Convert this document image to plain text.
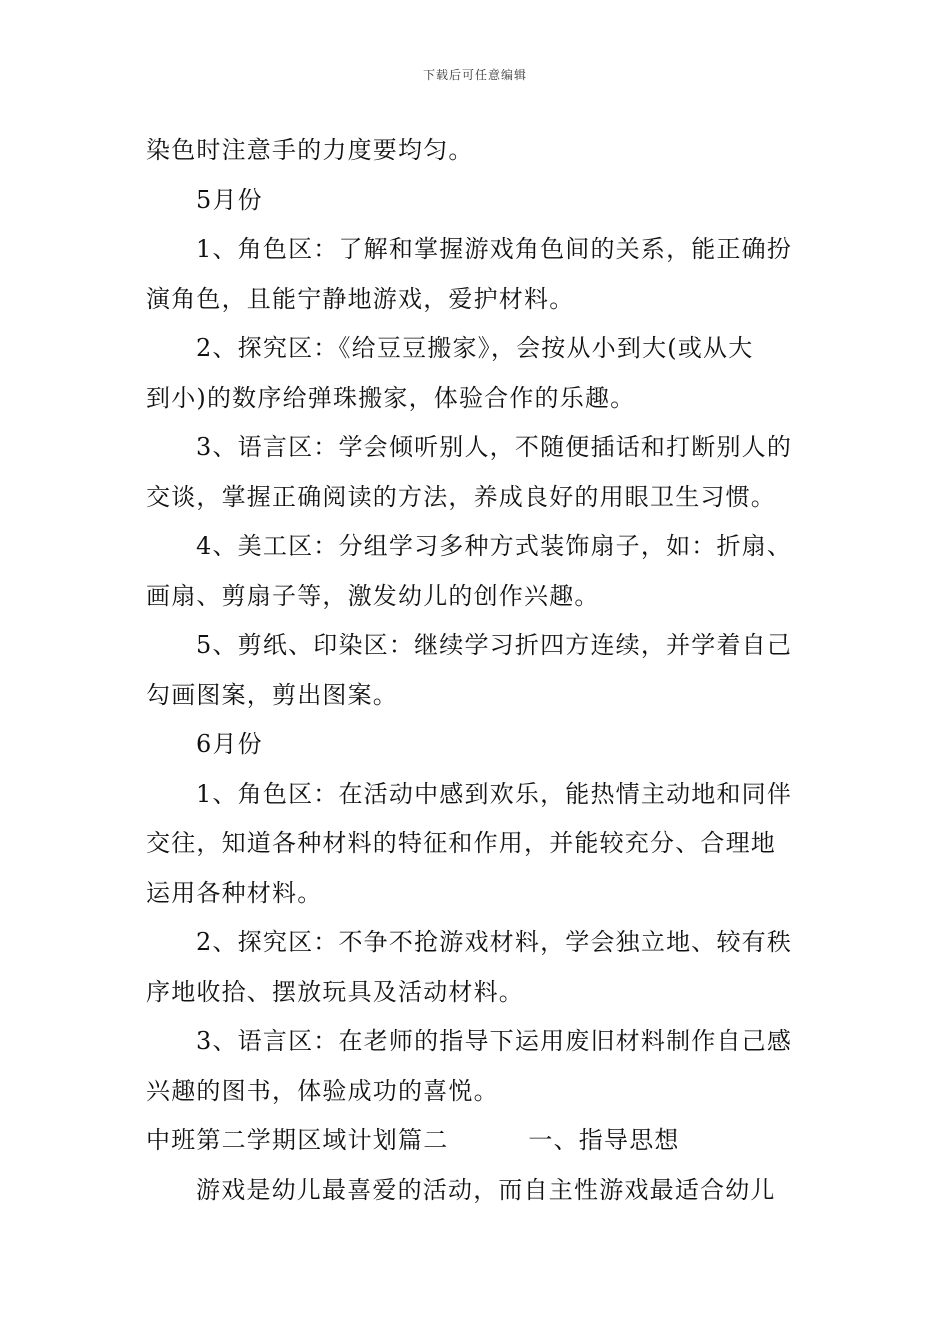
下载后可任意编辑

染色时注意手的力度要均匀。

5月份

1、角色区：了解和掌握游戏角色间的关系，能正确扮

演角色，且能宁静地游戏，爱护材料。

2、探究区：《给豆豆搬家》，会按从小到大(或从大

到小)的数序给弹珠搬家，体验合作的乐趣。

3、语言区：学会倾听别人，不随便插话和打断别人的

交谈，掌握正确阅读的方法，养成良好的用眼卫生习惯。

4、美工区：分组学习多种方式装饰扇子，如：折扇、

画扇、剪扇子等，激发幼儿的创作兴趣。

5、剪纸、印染区：继续学习折四方连续，并学着自己

勾画图案，剪出图案。

6月份

1、角色区：在活动中感到欢乐，能热情主动地和同伴

交往，知道各种材料的特征和作用，并能较充分、合理地

运用各种材料。

2、探究区：不争不抢游戏材料，学会独立地、较有秩

序地收拾、摆放玩具及活动材料。

3、语言区：在老师的指导下运用废旧材料制作自己感

兴趣的图书，体验成功的喜悦。

中班第二学期区域计划篇二	一、指导思想

游戏是幼儿最喜爱的活动，而自主性游戏最适合幼儿
